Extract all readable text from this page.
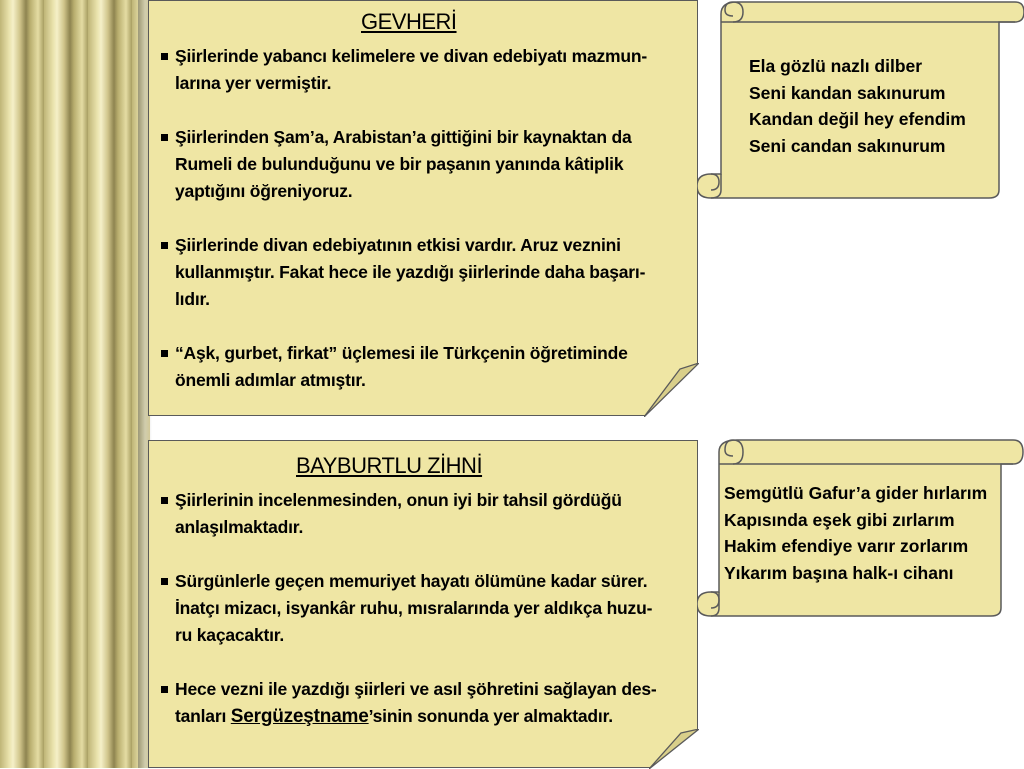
GEVHERİ
Şiirlerinde yabancı kelimelere ve divan edebiyatı mazmun-
larına yer vermiştir.
Şiirlerinden Şam’a, Arabistan’a gittiğini bir kaynaktan da
Rumeli de bulunduğunu ve bir paşanın yanında kâtiplik
yaptığını öğreniyoruz.
Şiirlerinde divan edebiyatının etkisi vardır. Aruz veznini
kullanmıştır. Fakat hece ile yazdığı şiirlerinde daha başarı-
lıdır.
“Aşk, gurbet, firkat” üçlemesi ile Türkçenin öğretiminde
önemli adımlar atmıştır.
BAYBURTLU ZİHNİ
Şiirlerinin incelenmesinden, onun iyi bir tahsil gördüğü
anlaşılmaktadır.
Sürgünlerle geçen memuriyet hayatı ölümüne kadar sürer.
İnatçı mizacı, isyankâr ruhu, mısralarında yer aldıkça huzu-
ru kaçacaktır.
Hece vezni ile yazdığı şiirleri ve asıl şöhretini sağlayan des-
tanları Sergüzeştname’sinin sonunda yer almaktadır.
Ela gözlü nazlı dilber
Seni kandan sakınurum
Kandan değil hey efendim
Seni candan sakınurum
Semgütlü Gafur’a gider hırlarım
Kapısında eşek gibi zırlarım
Hakim efendiye varır zorlarım
Yıkarım başına halk-ı cihanı
